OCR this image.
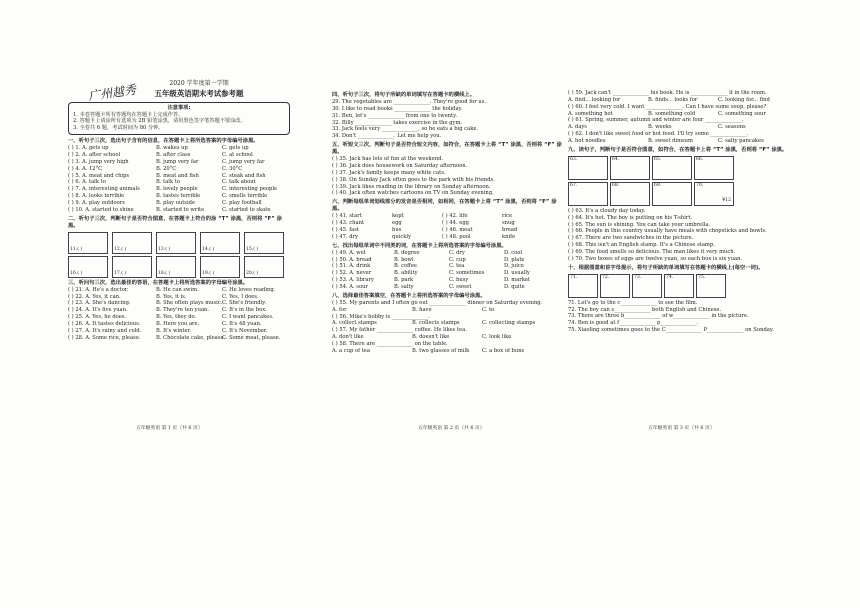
广州越秀	2020 学年度第一学期
五年级英语期末考试参考题
注意事项:
1. 本卷答题卡所有答题均在答题卡上完成作答。
2. 答题卡上请涂所有选项为 2B 铅笔涂黑，请用黑色签字笔答题不要涂改。
3. 全卷共 6 题，考试时间为 80 分钟。
一、听句子三次，选出句子含有的信息，在答题卡上将所选答案的字母编号涂黑。
( ) 1. A. gets up	B. wakes up	C. gets up
( ) 2. A. after school	B. after class	C. at school
( ) 3. A. jump very high	B. jump very far	C. jump very far
( ) 4. A. 12°C	B. 20°C	C. 30°C
( ) 5. A. meat and chips	B. meat and fish	C. steak and fish
( ) 6. A. talk to	B. talk to	C. talk about
( ) 7. A. interesting animals	B. lovely people	C. interesting people
( ) 8. A. looks terrible	B. tastes terrible	C. smells terrible
( ) 9. A. play outdoors	B. play outside	C. play football
( ) 10. A. started to shine	B. started to write	C. started to skate
二、听句子三次，判断句子是否符合图意，在答题卡上符合的涂 “T” 涂黑，否则将 “F” 涂黑。
11.( )	12.( )	13.( )	14.( )	15.( )
16.( )	17.( )	18.( )	19.( )	20.( )
三、听问句三次，选出最佳的答语，在答题卡上将所选答案的字母编号涂黑。
( ) 21. A. He's a doctor.	B. He can swim.	C. He loves reading.
( ) 22. A. Yes, it can.	B. Yes, it is.	C. Yes, I does.
( ) 23. A. She's dancing.	B. She often plays music. C. She's friendly.
( ) 24. A. It's five yuan.	B. They're ten yuan.	C. It's in the box.
( ) 25. A. Yes, he does.	B. Yes, they do.	C. I want pancakes.
( ) 26. A. It tastes delicious.	B. Here you are.	C. It's 48 yuan.
( ) 27. A. It's rainy and cold.	B. It's winter.	C. It's November.
( ) 28. A. Some rice, please.	B. Chocolate cake, please.
C. Some meat, please.
五年级英语 第 1 页（共 6 页）
四、听句子三次，将句子所缺的单词填写在答题卡的横线上。
29. The vegetables are ______________. They're good for us.
30. I like to read books ______________ the holiday.
31. Ben, let's ______________ from one to twenty.
32. Billy ______________ takes exercise in the gym.
33. Jack feels very ______________, so he eats a big cake.
34. Don't ______________. Let me help you.
五、听短文三次，判断句子是否符合短文内容，如符合，在答题卡上将 “T” 涂黑，否则将 “F” 涂黑。
( ) 35. Jack has lots of fun at the weekend.
( ) 36. Jack does housework on Saturday afternoon.
( ) 37. Jack's family keeps many white cats.
( ) 38. On Sunday Jack often goes to the park with his friends.
( ) 39. Jack likes reading in the library on Sunday afternoon.
( ) 40. Jack often watches cartoons on TV on Sunday evening.
六、判断每组单词划线部分的发音是否相同，如相同，在答题卡上将 “T” 涂黑，否则将 “F” 涂黑。
( ) 41. start	kept	( ) 42. life	rice
( ) 43. chant	egg	( ) 44. egg	snug
( ) 45. fast	bus	( ) 46. meat	bread
( ) 47. dry	quickly	( ) 48. pool	knife
七、找出每组单词中不同类的词，在答题卡上将所选答案的字母编号涂黑。
( ) 49. A. wet	B. degree	C. dry	D. cool
( ) 50. A. bread	B. bowl	C. cup	D. plate
( ) 51. A. drink	B. coffee	C. tea	D. juice
( ) 52. A. never	B. ability	C. sometimes	D. usually
( ) 53. A. library	B. park	C. busy	D. market
( ) 54. A. sour	B. salty	C. sweet	D. quite
八、选择最佳答案填空，在答题卡上将所选答案的字母编号涂黑。
( ) 55. My parents and I often go out ______________ dinner on Saturday evening.
A. for	B. have	C. to
( ) 56. Mike's hobby is ______________.
A. collect stamps	B. collects stamps	C. collecting stamps
( ) 57. My father ______________ coffee. He likes tea.
A. don't like	B. doesn't like	C. look like
( ) 58. There are ______________ on the table.
A. a cup of tea	B. two glasses of milk	C. a box of buns
五年级英语 第 2 页（共 6 页）
( ) 59. Jack can't ______________ his book. He is ______________ it in the room.
A. find... looking for	B. finds... looks for	C. looking for... find
( ) 60. I feel very cold. I want ______________. Can I have some soup, please?
A. something hot	B. something cold	C. something sour
( ) 61. Spring, summer, autumn and winter are four ______________.
A. days	B. weeks	C. seasons
( ) 62. I don't like sweet food or hot food. I'll try some ______________.
A. hot noodles	B. sweet dimsum	C. salty pancakes
九、读句子，判断句子是否符合图意，如符合，在答题卡上将 “T” 涂黑，否则将 “F” 涂黑。
63.	64.	65.	66.
67.	68.	69.	70.
¥12
( ) 63. It's a cloudy day today.
( ) 64. It's hot. The boy is putting on his T-shirt.
( ) 65. The sun is shining. You can take your umbrella.
( ) 66. People in this country usually have meals with chopsticks and bowls.
( ) 67. There are two sandwiches in the picture.
( ) 68. This isn't an English stamp. It's a Chinese stamp.
( ) 69. The food smells so delicious. The man likes it very much.
( ) 70. Two boxes of eggs are twelve yuan, so each box is six yuan.
十、根据图意和首字母提示，将句子所缺的单词填写在答题卡的横线上(每空一词)。
71.	72.	73.	74.	75.
71. Let's go to the c______________ to see the film.
72. The boy can s______________ both English and Chinese.
73. There are three b______________ of w______________ in the picture.
74. Ben is good at f______________ p______________.
75. Xiaoling sometimes goes to the C______________ P______________ on Sunday.
五年级英语 第 3 页（共 6 页）
